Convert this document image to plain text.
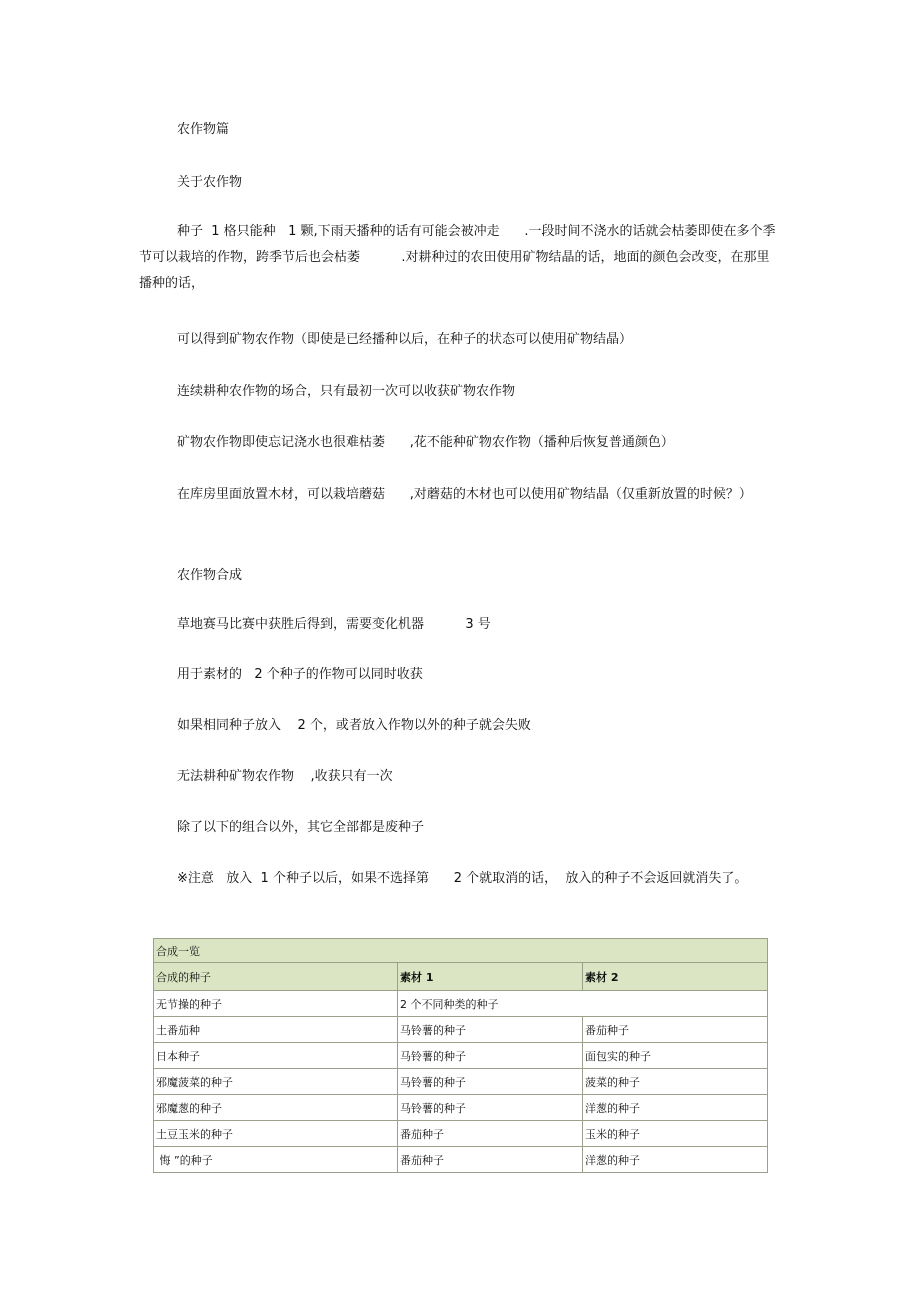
农作物篇

关于农作物

种子  1 格只能种   1 颗,下雨天播种的话有可能会被冲走      .一段时间不浇水的话就会枯萎即使在多个季节可以栽培的作物，跨季节后也会枯萎          .对耕种过的农田使用矿物结晶的话，地面的颜色会改变，在那里播种的话，

可以得到矿物农作物（即使是已经播种以后，在种子的状态可以使用矿物结晶）

连续耕种农作物的场合，只有最初一次可以收获矿物农作物

矿物农作物即使忘记浇水也很难枯萎      ,花不能种矿物农作物（播种后恢复普通颜色）

在库房里面放置木材，可以栽培蘑菇      ,对蘑菇的木材也可以使用矿物结晶（仅重新放置的时候？）

农作物合成

草地赛马比赛中获胜后得到，需要变化机器          3 号

用于素材的   2 个种子的作物可以同时收获

如果相同种子放入    2 个，或者放入作物以外的种子就会失败

无法耕种矿物农作物    ,收获只有一次

除了以下的组合以外，其它全部都是废种子

※注意   放入  1 个种子以后，如果不选择第      2 个就取消的话，  放入的种子不会返回就消失了。

合成一览		
合成的种子	素材 1	素材 2
无节操的种子	2 个不同种类的种子	
土番茄种	马铃薯的种子	番茄种子
日本种子	马铃薯的种子	面包实的种子
邪魔菠菜的种子	马铃薯的种子	菠菜的种子
邪魔葱的种子	马铃薯的种子	洋葱的种子
土豆玉米的种子	番茄种子	玉米的种子
悔 ”的种子	番茄种子	洋葱的种子
